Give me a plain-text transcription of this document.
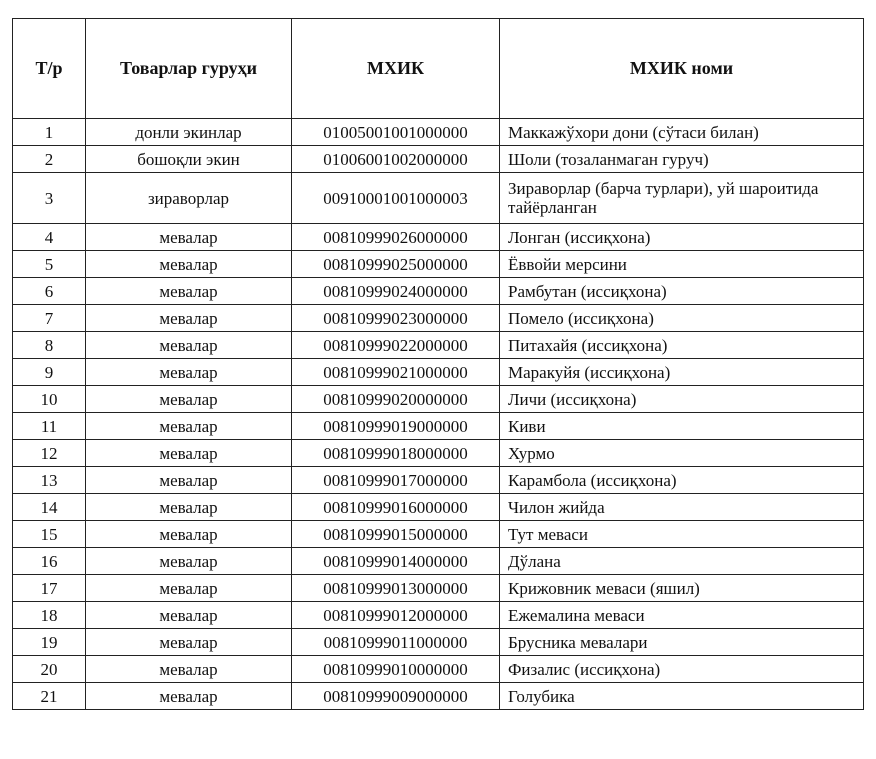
Т/р	Товарлар гуруҳи	МХИК	МХИК номи
1	донли экинлар	01005001001000000	Маккажўхори дони (сўтаси билан)
2	бошоқли экин	01006001002000000	Шоли (тозаланмаган гуруч)
3	зираворлар	00910001001000003	Зираворлар (барча турлари), уй шароитида тайёрланган
4	мевалар	00810999026000000	Лонган (иссиқхона)
5	мевалар	00810999025000000	Ёввойи мерсини
6	мевалар	00810999024000000	Рамбутан (иссиқхона)
7	мевалар	00810999023000000	Помело (иссиқхона)
8	мевалар	00810999022000000	Питахайя (иссиқхона)
9	мевалар	00810999021000000	Маракуйя (иссиқхона)
10	мевалар	00810999020000000	Личи (иссиқхона)
11	мевалар	00810999019000000	Киви
12	мевалар	00810999018000000	Хурмо
13	мевалар	00810999017000000	Карамбола (иссиқхона)
14	мевалар	00810999016000000	Чилон жийда
15	мевалар	00810999015000000	Тут меваси
16	мевалар	00810999014000000	Дўлана
17	мевалар	00810999013000000	Крижовник меваси (яшил)
18	мевалар	00810999012000000	Ежемалина меваси
19	мевалар	00810999011000000	Брусника мевалари
20	мевалар	00810999010000000	Физалис (иссиқхона)
21	мевалар	00810999009000000	Голубика
